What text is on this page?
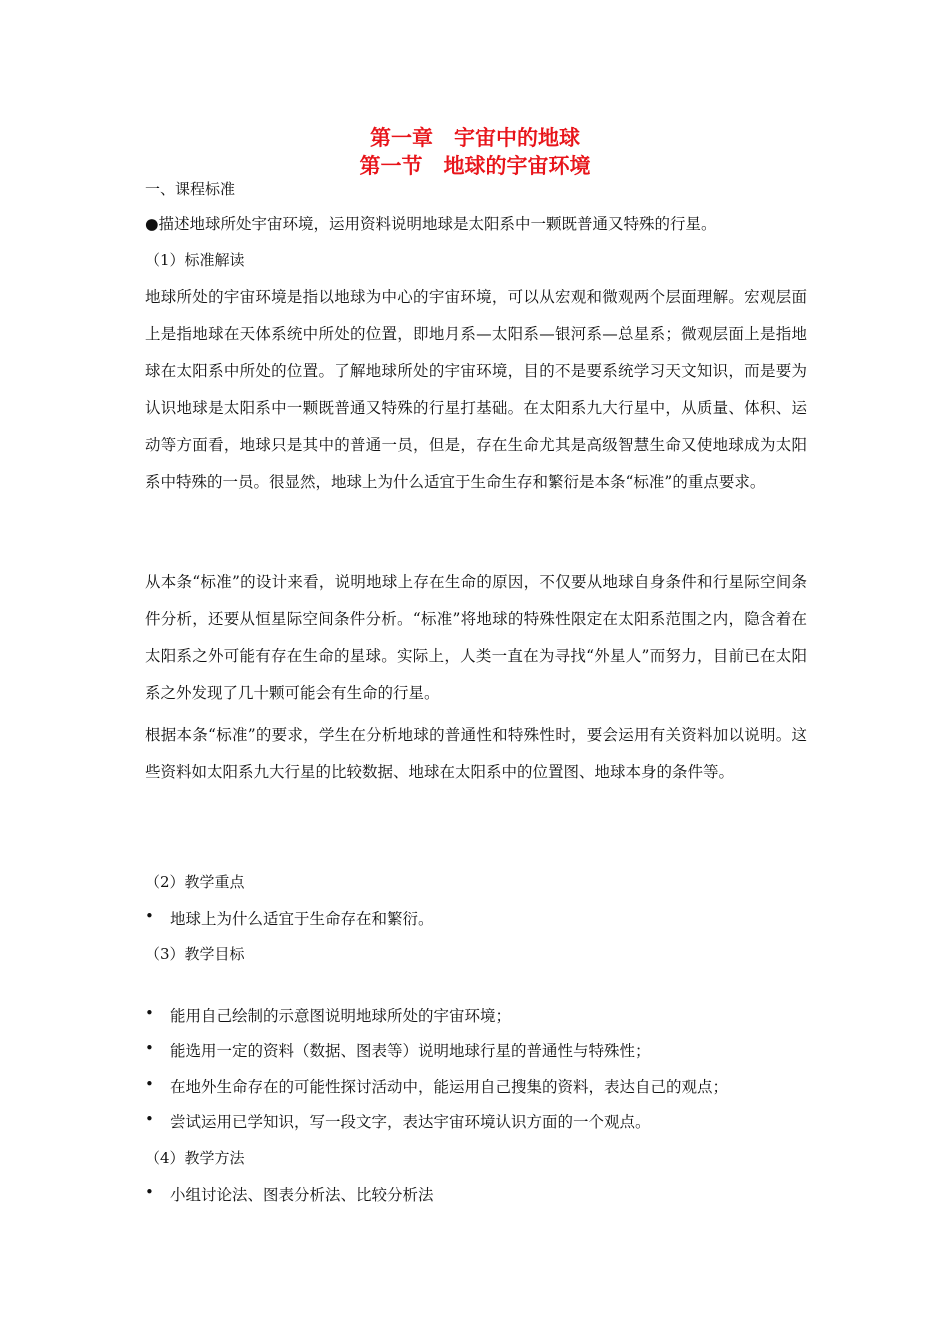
第一章　宇宙中的地球
第一节　地球的宇宙环境
一、课程标准
●描述地球所处宇宙环境，运用资料说明地球是太阳系中一颗既普通又特殊的行星。
（1）标准解读
地球所处的宇宙环境是指以地球为中心的宇宙环境，可以从宏观和微观两个层面理解。宏观层面上是指地球在天体系统中所处的位置，即地月系—太阳系—银河系—总星系；微观层面上是指地球在太阳系中所处的位置。了解地球所处的宇宙环境，目的不是要系统学习天文知识，而是要为认识地球是太阳系中一颗既普通又特殊的行星打基础。在太阳系九大行星中，从质量、体积、运动等方面看，地球只是其中的普通一员，但是，存在生命尤其是高级智慧生命又使地球成为太阳系中特殊的一员。很显然，地球上为什么适宜于生命生存和繁衍是本条“标准”的重点要求。
从本条“标准”的设计来看，说明地球上存在生命的原因，不仅要从地球自身条件和行星际空间条件分析，还要从恒星际空间条件分析。“标准”将地球的特殊性限定在太阳系范围之内，隐含着在太阳系之外可能有存在生命的星球。实际上，人类一直在为寻找“外星人”而努力，目前已在太阳系之外发现了几十颗可能会有生命的行星。
根据本条“标准”的要求，学生在分析地球的普通性和特殊性时，要会运用有关资料加以说明。这些资料如太阳系九大行星的比较数据、地球在太阳系中的位置图、地球本身的条件等。
（2）教学重点
• 地球上为什么适宜于生命存在和繁衍。
（3）教学目标
• 能用自己绘制的示意图说明地球所处的宇宙环境；
• 能选用一定的资料（数据、图表等）说明地球行星的普通性与特殊性；
• 在地外生命存在的可能性探讨活动中，能运用自己搜集的资料，表达自己的观点；
• 尝试运用已学知识，写一段文字，表达宇宙环境认识方面的一个观点。
（4）教学方法
• 小组讨论法、图表分析法、比较分析法
